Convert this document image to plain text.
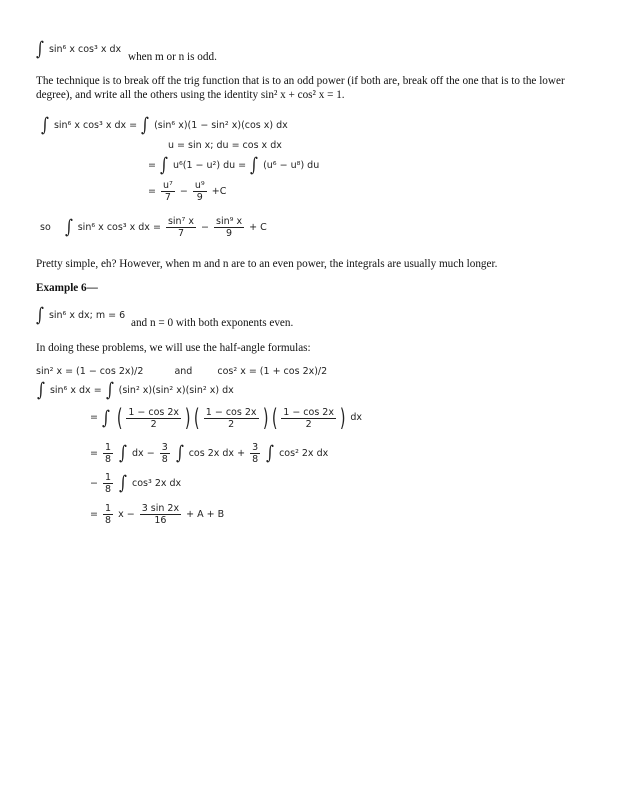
∫ sin⁶ x cos³ x dx
when m or n is odd.
The technique is to break off the trig function that is to an odd power (if both are, break off the one that is to the lower degree), and write all the others using the identity sin² x + cos² x = 1.
∫ sin⁶ x cos³ x dx = ∫ (sin⁶ x)(1 − sin² x)(cos x) dx
u = sin x; du = cos x dx
= ∫ u⁶(1 − u²) du = ∫ (u⁶ − u⁸) du
= $\frac{\text{u⁷}}{7} - \frac{\text{u⁹}}{9} +C$
so ∫ sin⁶ x cos³ x dx = $\frac{\text{sin⁷ x}}{7} - \frac{\text{sin⁹ x}}{9} + C$
Pretty simple, eh? However, when m and n are to an even power, the integrals are usually much longer.
Example 6—
∫ sin⁶ x dx; m = 6
and n = 0 with both exponents even.
In doing these problems, we will use the half-angle formulas:
sin² x = (1 − cos 2x)/2	and	cos² x = (1 + cos 2x)/2
∫ sin⁶ x dx = ∫ (sin² x)(sin² x)(sin² x) dx
= ∫ ( $\frac{1 - \cos 2x}{2}$ ) ( $\frac{1 - \cos 2x}{2}$ ) ( $\frac{1 - \cos 2x}{2}$ ) dx
= $\frac{1}{8}$ ∫ dx − $\frac{3}{8}$ ∫ cos 2x dx + $\frac{3}{8}$ ∫ cos² 2x dx
− $\frac{1}{8}$ ∫ cos³ 2x dx
= $\frac{1}{8}$ $x - \frac{3 \sin 2x}{16} + A + B$
